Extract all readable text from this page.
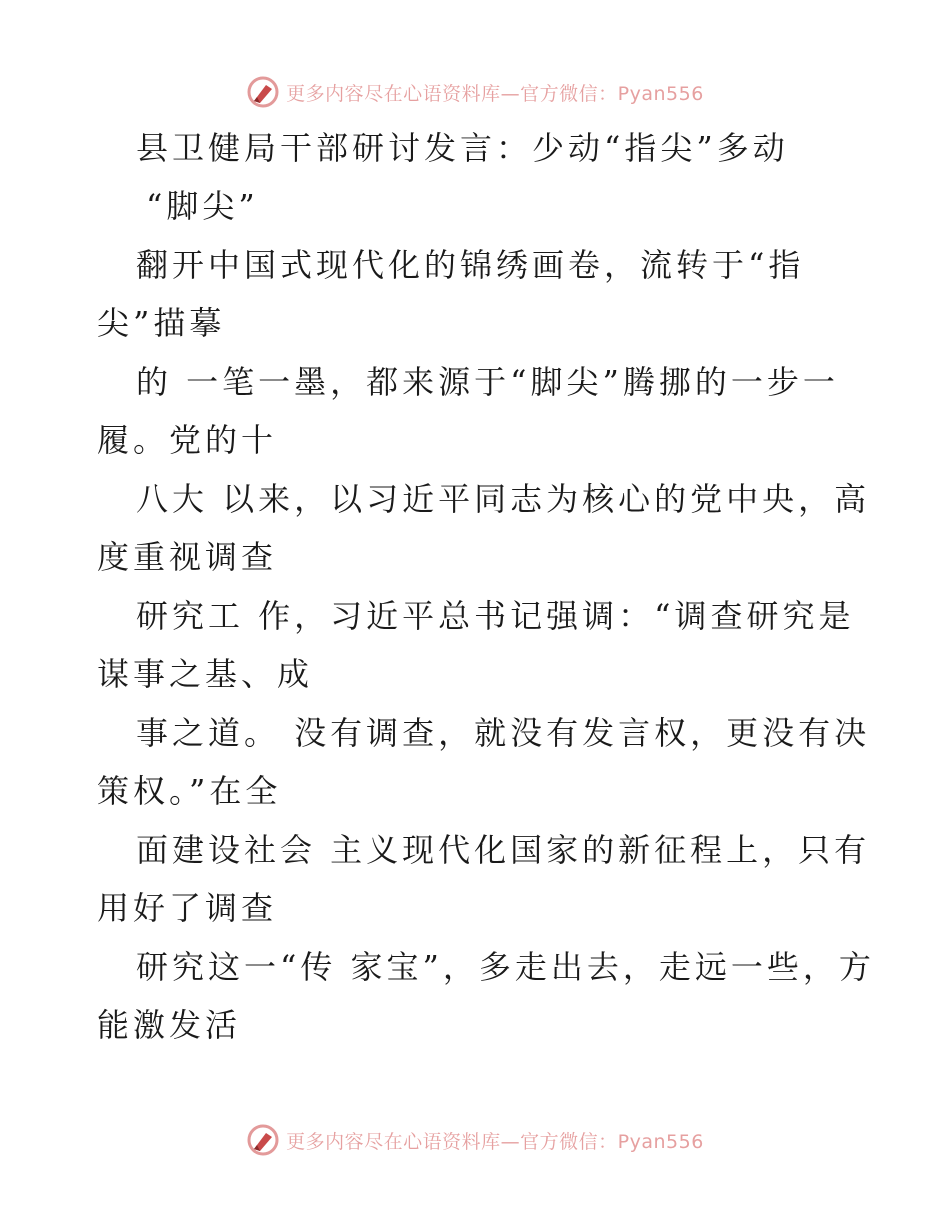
更多内容尽在心语资料库—官方微信：Pyan556
县卫健局干部研讨发言：少动“指尖”多动
“脚尖”
翻开中国式现代化的锦绣画卷，流转于“指
尖”描摹
的 一笔一墨，都来源于“脚尖”腾挪的一步一
履。党的十
八大 以来，以习近平同志为核心的党中央，高
度重视调查
研究工 作，习近平总书记强调：“调查研究是
谋事之基、成
事之道。 没有调查，就没有发言权，更没有决
策权。”在全
面建设社会 主义现代化国家的新征程上，只有
用好了调查
研究这一“传 家宝”，多走出去，走远一些，方
能激发活
更多内容尽在心语资料库—官方微信：Pyan556
